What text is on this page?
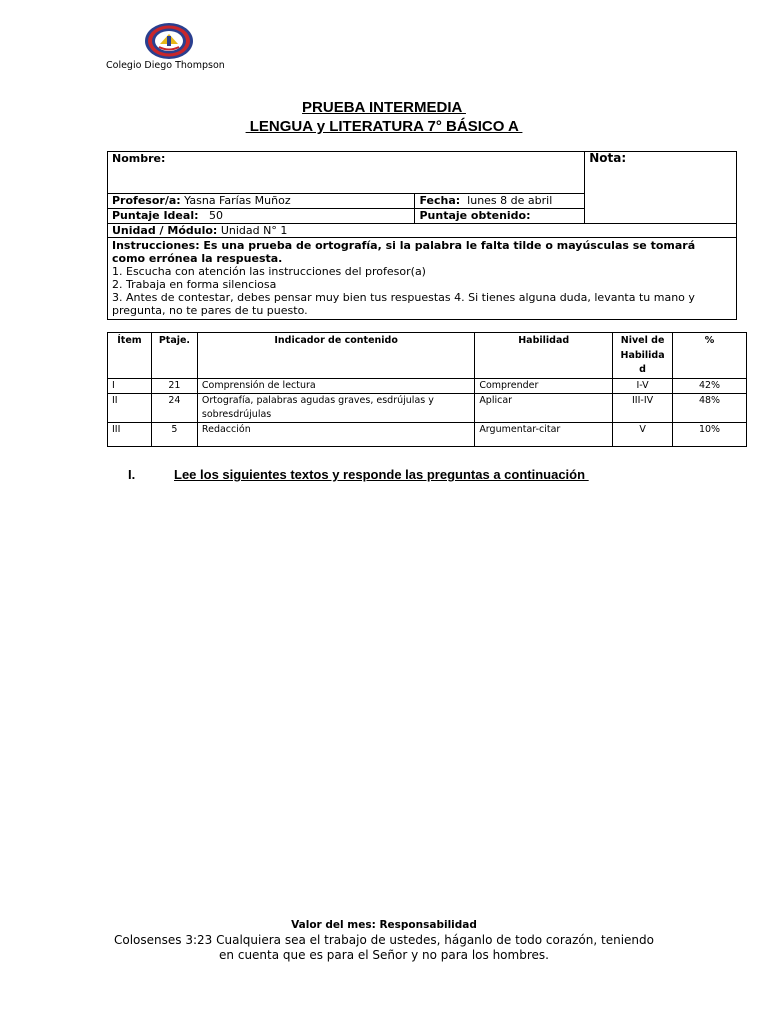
Colegio Diego Thompson
PRUEBA INTERMEDIA
LENGUA y LITERATURA 7° BÁSICO A
Nombre:		Nota:
Profesor/a: Yasna Farías Muñoz	Fecha:  lunes 8 de abril	
Puntaje Ideal:   50	Puntaje obtenido:	
Unidad / Módulo: Unidad N° 1		

Instrucciones: Es una prueba de ortografía, si la palabra le falta tilde o mayúsculas se tomará como errónea la respuesta.
1. Escucha con atención las instrucciones del profesor(a)
2. Trabaja en forma silenciosa
3. Antes de contestar, debes pensar muy bien tus respuestas 4. Si tienes alguna duda, levanta tu mano y pregunta, no te pares de tu puesto.		
Ítem	Ptaje.	Indicador de contenido	Habilidad	Nivel de Habilida d	%
I	21	Comprensión de lectura	Comprender	I-V	42%
II	24	Ortografía, palabras agudas graves, esdrújulas y sobresdrújulas	Aplicar	III-IV	48%
III	5	Redacción	Argumentar-citar	V	10%
I.	Lee los siguientes textos y responde las preguntas a continuación
Valor del mes: Responsabilidad
Colosenses 3:23 Cualquiera sea el trabajo de ustedes, háganlo de todo corazón, teniendo
en cuenta que es para el Señor y no para los hombres.
